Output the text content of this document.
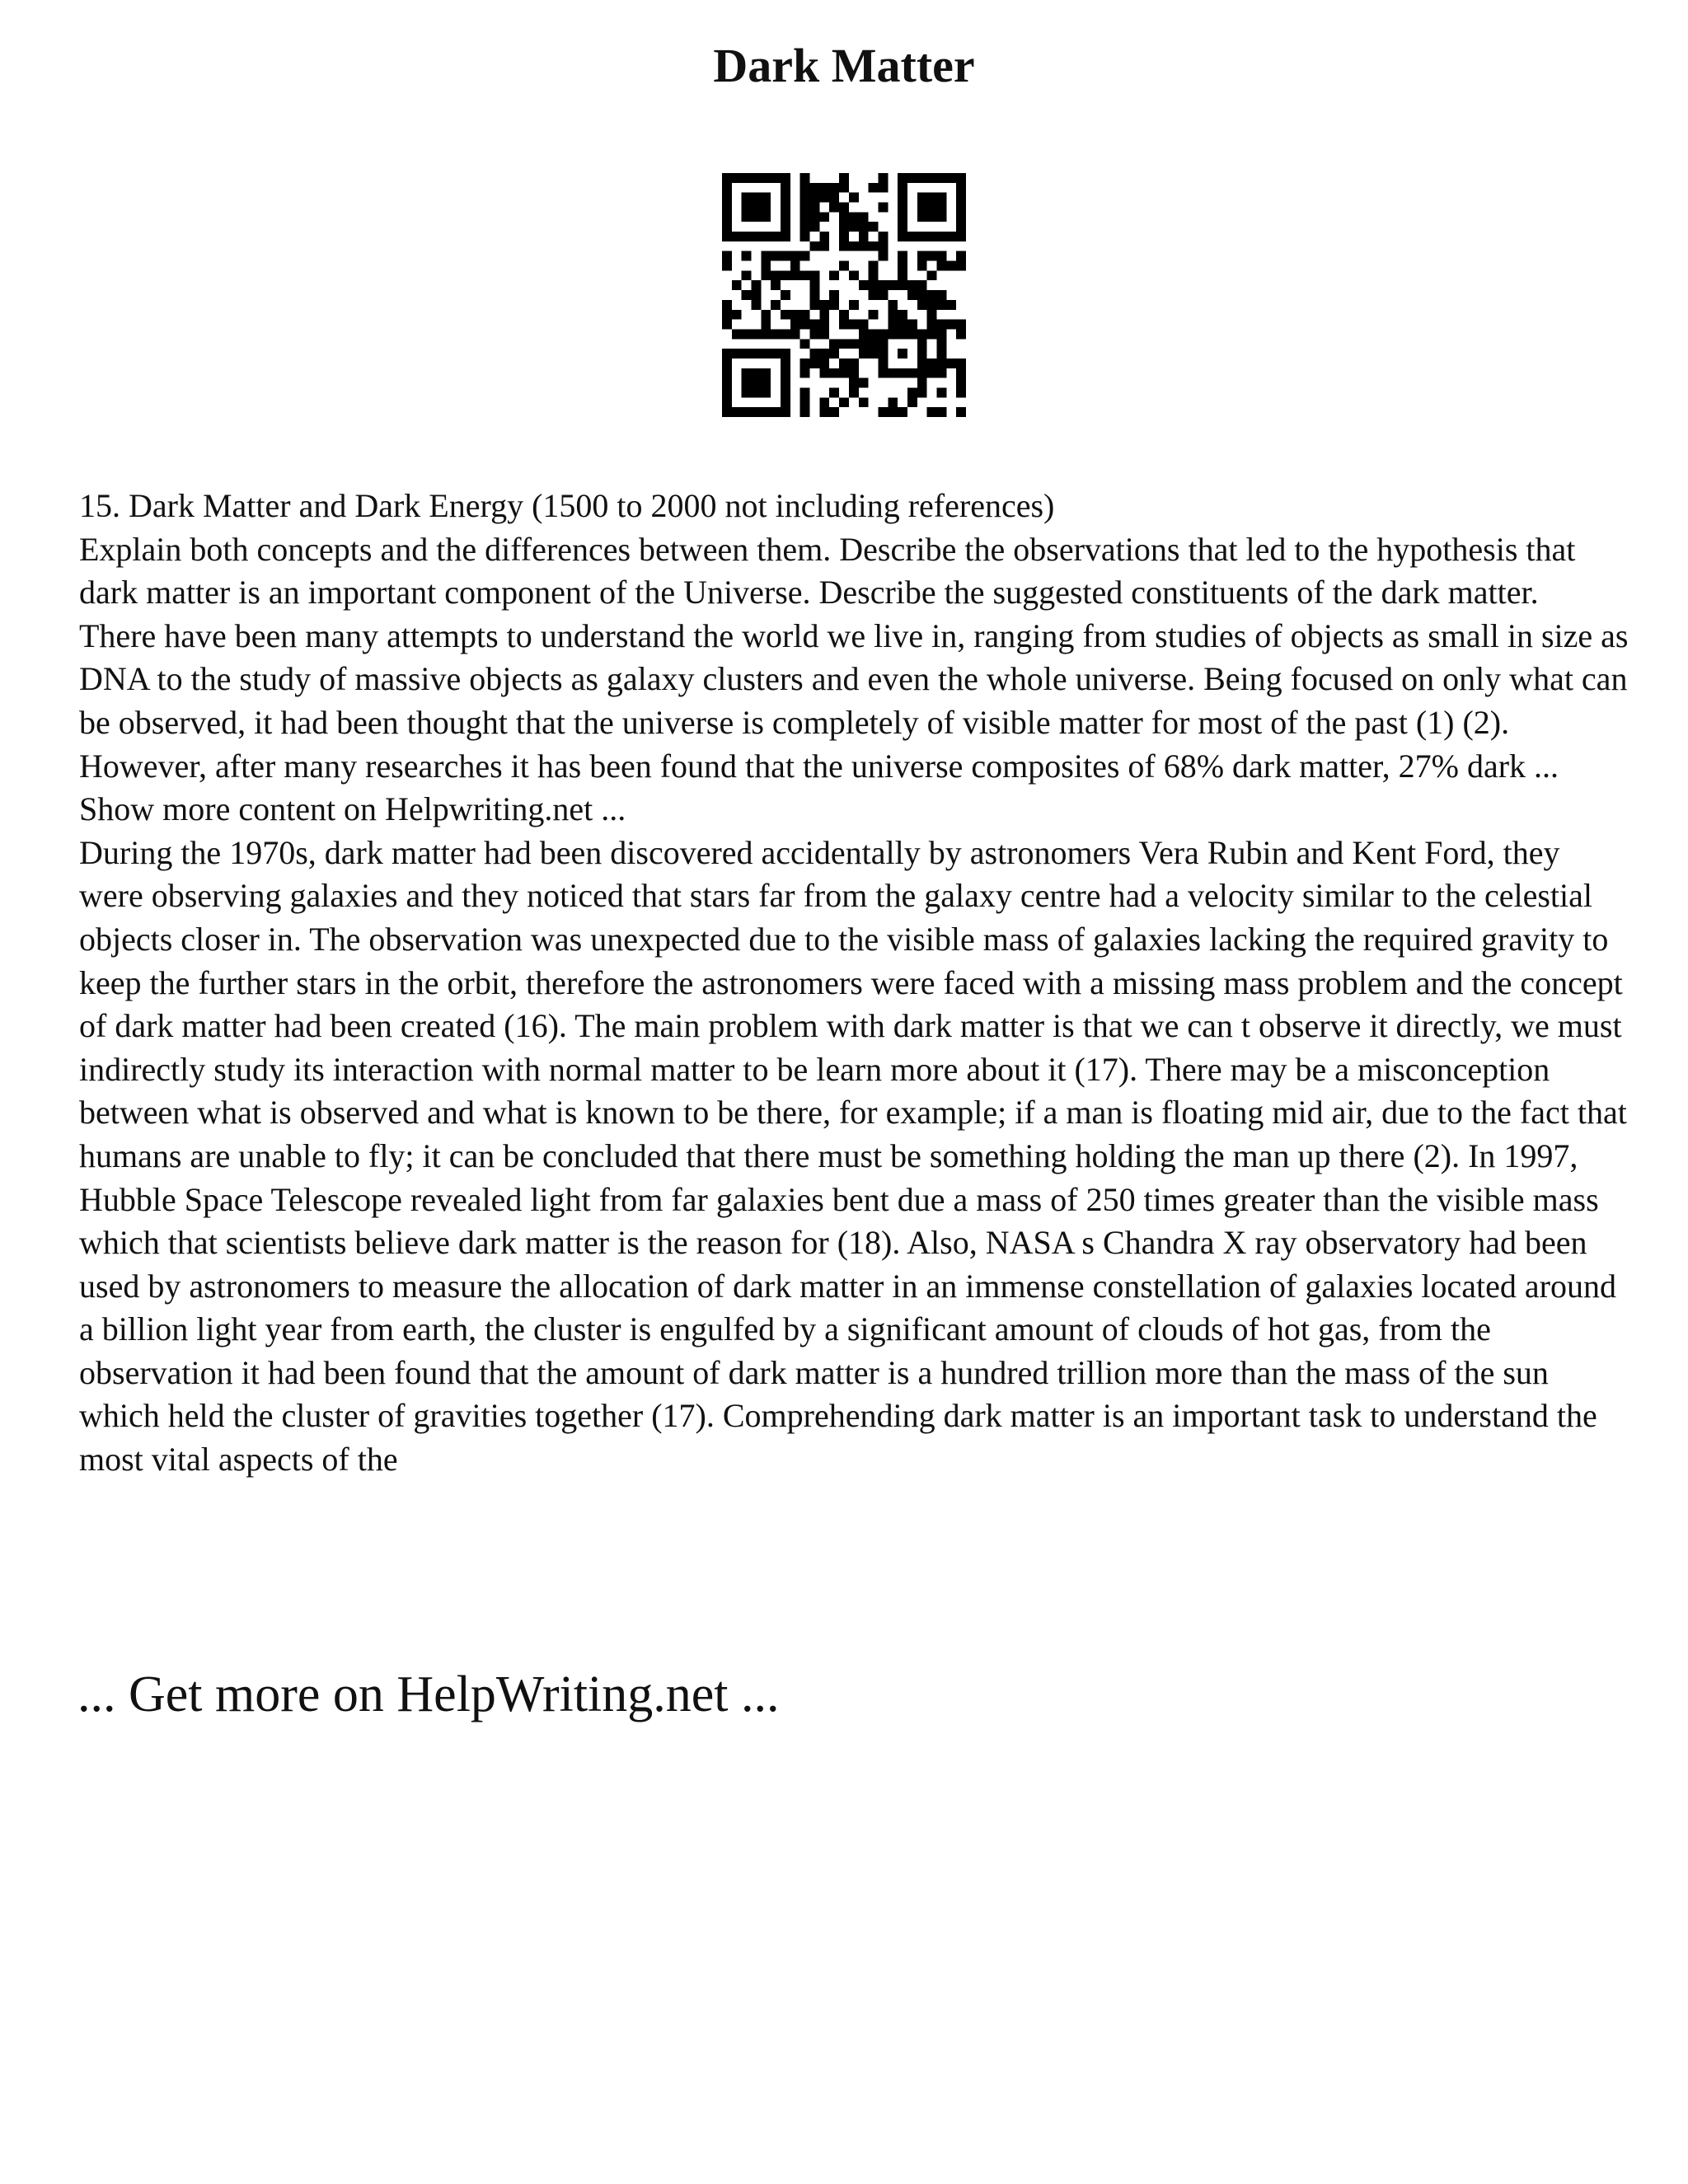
Dark Matter

15. Dark Matter and Dark Energy (1500 to 2000 not including references)

Explain both concepts and the differences between them. Describe the observations that led to the hypothesis that dark matter is an important component of the Universe. Describe the suggested constituents of the dark matter.

There have been many attempts to understand the world we live in, ranging from studies of objects as small in size as DNA to the study of massive objects as galaxy clusters and even the whole universe. Being focused on only what can be observed, it had been thought that the universe is completely of visible matter for most of the past (1) (2). However, after many researches it has been found that the universe composites of 68% dark matter, 27% dark ... Show more content on Helpwriting.net ...

During the 1970s, dark matter had been discovered accidentally by astronomers Vera Rubin and Kent Ford, they were observing galaxies and they noticed that stars far from the galaxy centre had a velocity similar to the celestial objects closer in. The observation was unexpected due to the visible mass of galaxies lacking the required gravity to keep the further stars in the orbit, therefore the astronomers were faced with a missing mass problem and the concept of dark matter had been created (16). The main problem with dark matter is that we can t observe it directly, we must indirectly study its interaction with normal matter to be learn more about it (17). There may be a misconception between what is observed and what is known to be there, for example; if a man is floating mid air, due to the fact that humans are unable to fly; it can be concluded that there must be something holding the man up there (2). In 1997, Hubble Space Telescope revealed light from far galaxies bent due a mass of 250 times greater than the visible mass which that scientists believe dark matter is the reason for (18). Also, NASA s Chandra X ray observatory had been used by astronomers to measure the allocation of dark matter in an immense constellation of galaxies located around a billion light year from earth, the cluster is engulfed by a significant amount of clouds of hot gas, from the observation it had been found that the amount of dark matter is a hundred trillion more than the mass of the sun which held the cluster of gravities together (17). Comprehending dark matter is an important task to understand the most vital aspects of the

... Get more on HelpWriting.net ...
